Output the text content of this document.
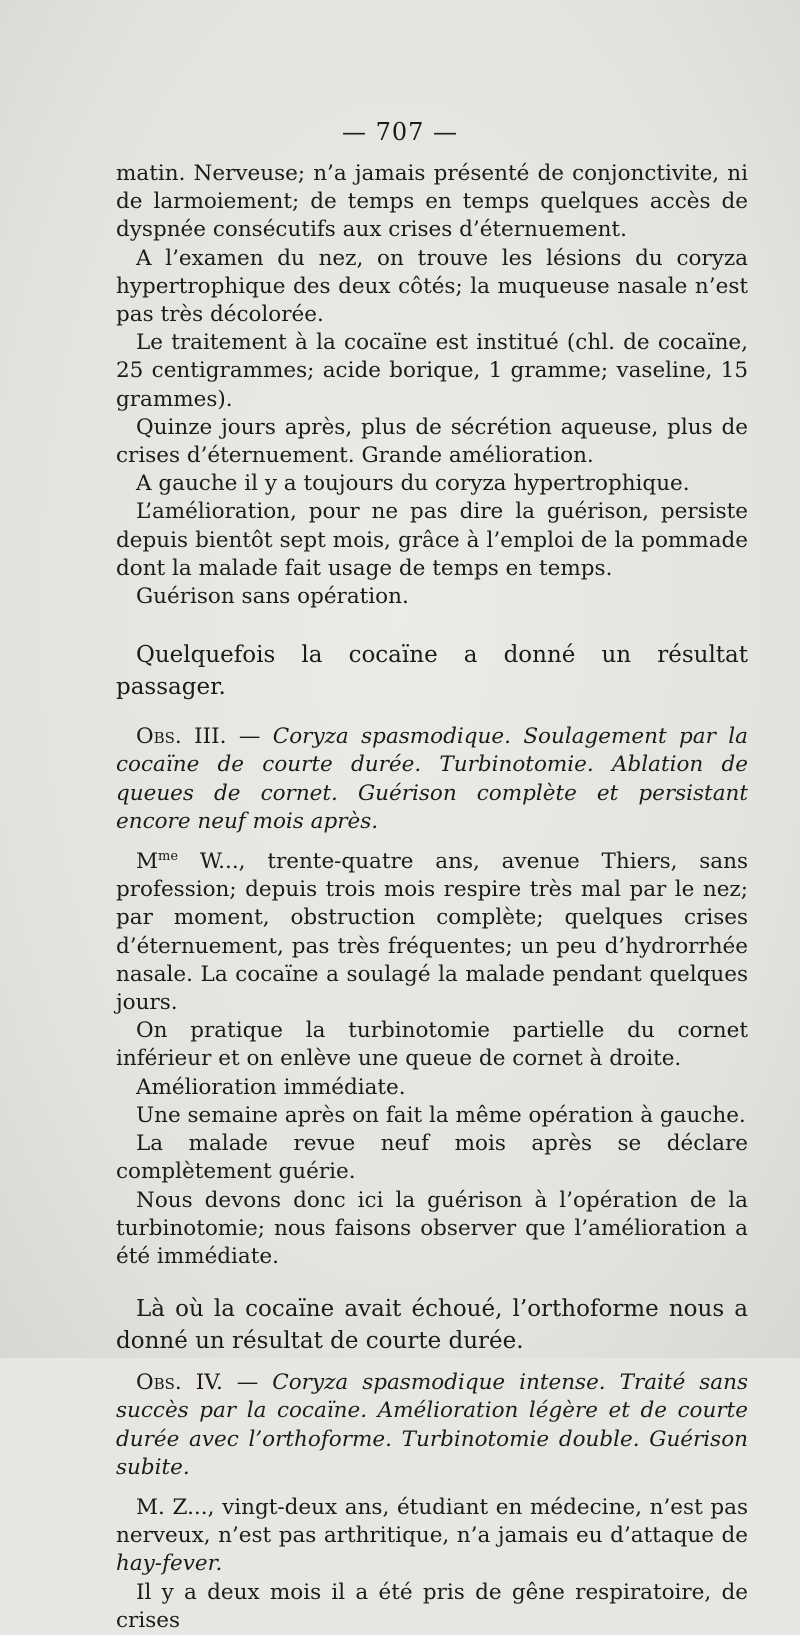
— 707 —

matin. Nerveuse; n’a jamais présenté de conjonctivite, ni de larmoiement; de temps en temps quelques accès de dyspnée consécutifs aux crises d’éternuement.

A l’examen du nez, on trouve les lésions du coryza hypertrophique des deux côtés; la muqueuse nasale n’est pas très décolorée.

Le traitement à la cocaïne est institué (chl. de cocaïne, 25 centigrammes; acide borique, 1 gramme; vaseline, 15 grammes).

Quinze jours après, plus de sécrétion aqueuse, plus de crises d’éternuement. Grande amélioration.

A gauche il y a toujours du coryza hypertrophique.

L’amélioration, pour ne pas dire la guérison, persiste depuis bientôt sept mois, grâce à l’emploi de la pommade dont la malade fait usage de temps en temps.

Guérison sans opération.

Quelquefois la cocaïne a donné un résultat passager.

Obs. III. — Coryza spasmodique. Soulagement par la cocaïne de courte durée. Turbinotomie. Ablation de queues de cornet. Guérison complète et persistant encore neuf mois après.

$M^{me}$ W..., trente-quatre ans, avenue Thiers, sans profession; depuis trois mois respire très mal par le nez; par moment, obstruction complète; quelques crises d’éternuement, pas très fréquentes; un peu d’hydrorrhée nasale. La cocaïne a soulagé la malade pendant quelques jours.

On pratique la turbinotomie partielle du cornet inférieur et on enlève une queue de cornet à droite.

Amélioration immédiate.

Une semaine après on fait la même opération à gauche.

La malade revue neuf mois après se déclare complètement guérie.

Nous devons donc ici la guérison à l’opération de la turbinotomie; nous faisons observer que l’amélioration a été immédiate.

Là où la cocaïne avait échoué, l’orthoforme nous a donné un résultat de courte durée.

Obs. IV. — Coryza spasmodique intense. Traité sans succès par la cocaïne. Amélioration légère et de courte durée avec l’orthoforme. Turbinotomie double. Guérison subite.

M. Z..., vingt-deux ans, étudiant en médecine, n’est pas nerveux, n’est pas arthritique, n’a jamais eu d’attaque de hay-fever.

Il y a deux mois il a été pris de gêne respiratoire, de crises
